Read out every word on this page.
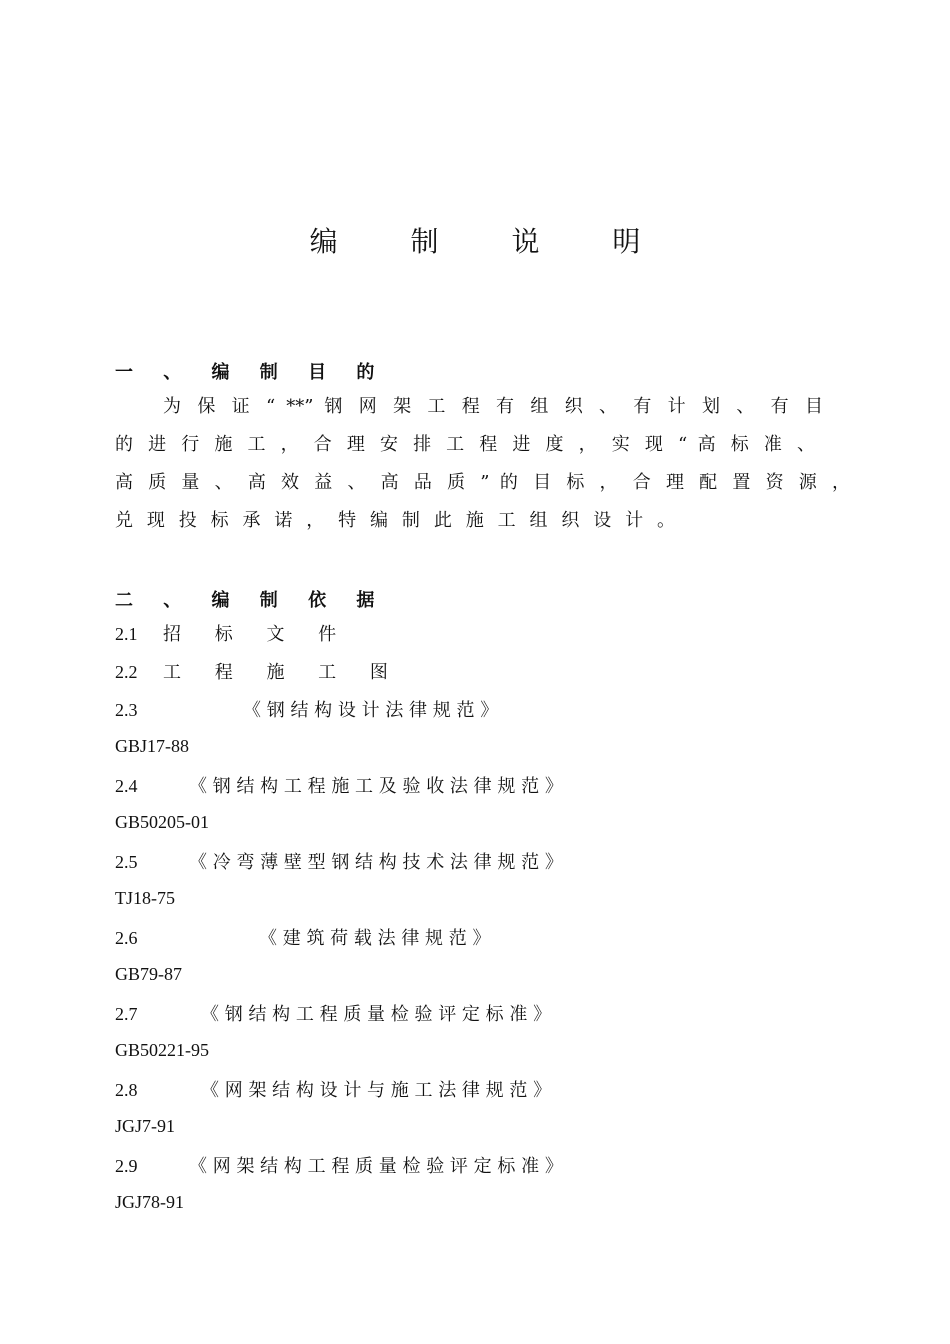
编 制 说 明
一 、 编 制 目 的
为 保 证 “ **” 钢 网 架 工 程 有 组 织 、 有 计 划 、 有 目
的 进 行 施 工 ， 合 理 安 排 工 程 进 度 ， 实 现 “ 高 标 准 、
高 质 量 、 高 效 益 、 高 品 质 ” 的 目 标 ， 合 理 配 置 资 源 ，
兑 现 投 标 承 诺 ， 特 编 制 此 施 工 组 织 设 计 。
二 、 编 制 依 据
2.1	招 标 文 件
2.2	工 程 施 工 图
2.3	《 钢 结 构 设 计 法 律 规 范 》
GBJ17-88
2.4	《 钢 结 构 工 程 施 工 及 验 收 法 律 规 范 》
GB50205-01
2.5	《 冷 弯 薄 壁 型 钢 结 构 技 术 法 律 规 范 》
TJ18-75
2.6	《 建 筑 荷 载 法 律 规 范 》
GB79-87
2.7	《 钢 结 构 工 程 质 量 检 验 评 定 标 准 》
GB50221-95
2.8	《 网 架 结 构 设 计 与 施 工 法 律 规 范 》
JGJ7-91
2.9	《 网 架 结 构 工 程 质 量 检 验 评 定 标 准 》
JGJ78-91
